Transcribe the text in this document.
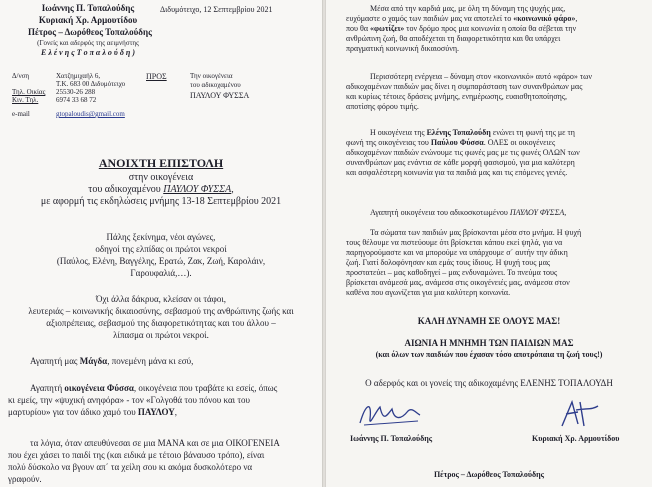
Ιωάννης Π. Τοπαλούδης
Κυριακή Χρ. Αρμουτίδου
Πέτρος – Δωρόθεος Τοπαλούδης
(Γονείς και αδερφός της αειμνήστης
Ε λ έ ν η ς Τ ο π α λ ο ύ δ η )
Διδυμότειχο, 12 Σεπτεμβρίου 2021
Δ/νση	Χατζημιχαήλ 6,
Τ.Κ. 683 00 Διδυμότειχο
Τηλ. Οικίας 25530-26 288
Κιν. Τηλ.	6974 33 68 72
e-mail	gtopaloudis@gmail.com
ΠΡΟΣ	Την οικογένεια
του αδικοχαμένου
ΠΑΥΛΟΥ ΦΥΣΣΑ
ΑΝΟΙΧΤΗ ΕΠΙΣΤΟΛΗ
στην οικογένεια
του αδικοχαμένου ΠΑΥΛΟΥ ΦΥΣΣΑ,
με αφορμή τις εκδηλώσεις μνήμης 13-18 Σεπτεμβρίου 2021
Πάλης ξεκίνημα, νέοι αγώνες,
οδηγοί της ελπίδας οι πρώτοι νεκροί
(Παύλος, Ελένη, Βαγγέλης, Ερατώ, Ζακ, Ζωή, Καρολάιν,
Γαρουφαλιά,…).
Όχι άλλα δάκρυα, κλείσαν οι τάφοι,
λευτεριάς – κοινωνικής δικαιοσύνης, σεβασμού της ανθρώπινης ζωής και
αξιοπρέπειας, σεβασμού της διαφορετικότητας και του άλλου –
λίπασμα οι πρώτοι νεκροί.
Αγαπητή μας Μάγδα, πονεμένη μάνα κι εσύ,
Αγαπητή οικογένεια Φύσσα, οικογένεια που τραβάτε κι εσείς, όπως
κι εμείς, την «ψυχική ανηφόρα» - τον «Γολγοθά του πόνου και του
μαρτυρίου» για τον άδικο χαμό του ΠΑΥΛΟΥ,
τα λόγια, όταν απευθύνεσαι σε μια ΜΑΝΑ και σε μια ΟΙΚΟΓΕΝΕΙΑ
που έχει χάσει το παιδί της (και ειδικά με τέτοιο βάναυσο τρόπο), είναι
πολύ δύσκολο να βγουν απ΄ τα χείλη σου κι ακόμα δυσκολότερο να
γραφούν.
Μέσα από την καρδιά μας, με όλη τη δύναμη της ψυχής μας,
ευχόμαστε ο χαμός των παιδιών μας να αποτελεί το «κοινωνικό φάρο»,
που θα «φωτίζει» τον δρόμο προς μια κοινωνία η οποία θα σέβεται την
ανθρώπινη ζωή, θα αποδέχεται τη διαφορετικότητα και θα υπάρχει
πραγματική κοινωνική δικαιοσύνη.
Περισσότερη ενέργεια – δύναμη στον «κοινωνικό» αυτό «φάρο» των
αδικοχαμένων παιδιών μας δίνει η συμπαράσταση των συνανθρώπων μας
και κυρίως τέτοιες δράσεις μνήμης, ενημέρωσης, ευαισθητοποίησης,
αποτίσης φόρου τιμής.
Η οικογένεια της Ελένης Τοπαλούδη ενώνει τη φωνή της με τη
φωνή της οικογένειας του Παύλου Φύσσα. ΟΛΕΣ οι οικογένειες
αδικοχαμένων παιδιών ενώνουμε τις φωνές μας με τις φωνές ΟΛΩΝ των
συνανθρώπων μας ενάντια σε κάθε μορφή φασισμού, για μια καλύτερη
και ασφαλέστερη κοινωνία για τα παιδιά μας και τις επόμενες γενιές.
Αγαπητή οικογένεια του αδικοσκοτωμένου ΠΑΥΛΟΥ ΦΥΣΣΑ,
Τα σώματα των παιδιών μας βρίσκονται μέσα στο μνήμα. Η ψυχή
τους θέλουμε να πιστεύουμε ότι βρίσκεται κάπου εκεί ψηλά, για να
παρηγορούμαστε και να μπορούμε να υπάρχουμε σ΄ αυτήν την άδικη
ζωή. Γιατί δολοφόνησαν και εμάς τους ίδιους. Η ψυχή τους μας
προστατεύει – μας καθοδηγεί – μας ενδυναμώνει. Το πνεύμα τους
βρίσκεται ανάμεσά μας, ανάμεσα στις οικογένειές μας, ανάμεσα στον
καθένα που αγωνίζεται για μια καλύτερη κοινωνία.
ΚΑΛΗ ΔΥΝΑΜΗ ΣΕ ΟΛΟΥΣ ΜΑΣ!
ΑΙΩΝΙΑ Η ΜΝΗΜΗ ΤΩΝ ΠΑΙΔΙΩΝ ΜΑΣ
(και όλων των παιδιών που έχασαν τόσο αποτρόπαια τη ζωή τους!)
Ο αδερφός και οι γονείς της αδικοχαμένης ΕΛΕΝΗΣ ΤΟΠΑΛΟΥΔΗ
Ιωάννης Π. Τοπαλούδης	Κυριακή Χρ. Αρμουτίδου
Πέτρος – Δωρόθεος Τοπαλούδης
